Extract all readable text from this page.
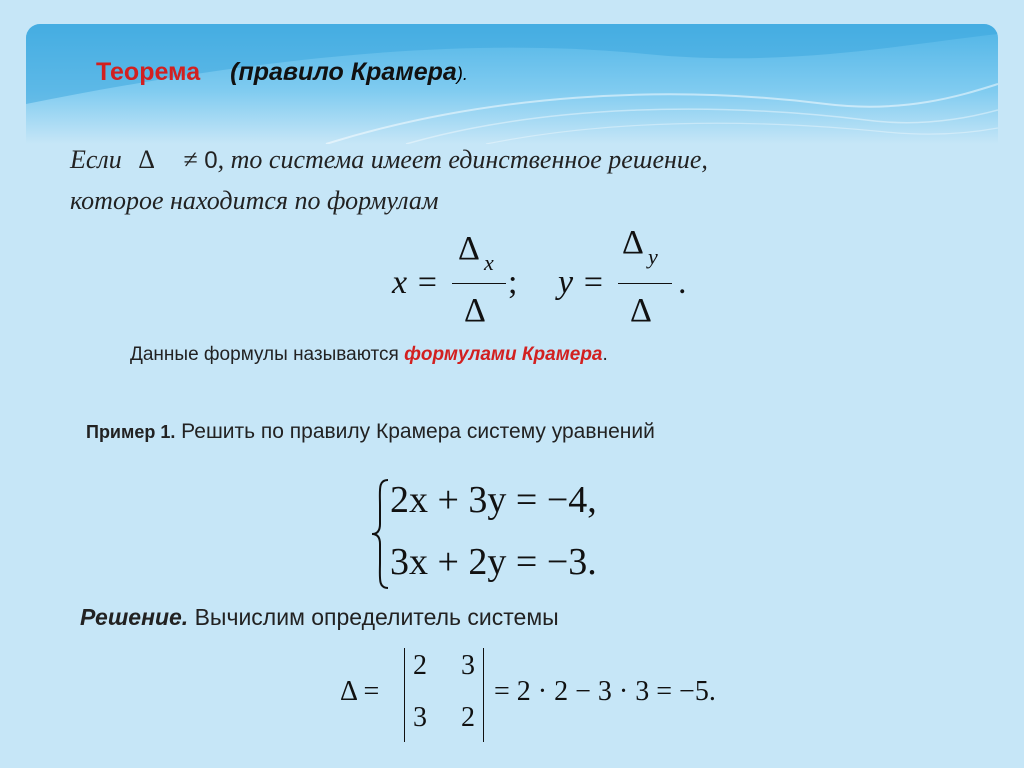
Теорема (правило Крамера).
Если Δ ≠ 0, то система имеет единственное решение,
которое находится по формулам
x =
Δ x
Δ
; y =
Δ y
Δ
.
Данные формулы называются формулами Крамера.
Пример 1. Решить по правилу Крамера систему уравнений
2x + 3y = −4,
3x + 2y = −3.
Решение. Вычислим определитель системы
Δ =
2 3
3 2
= 2 · 2 − 3 · 3 = −5.
